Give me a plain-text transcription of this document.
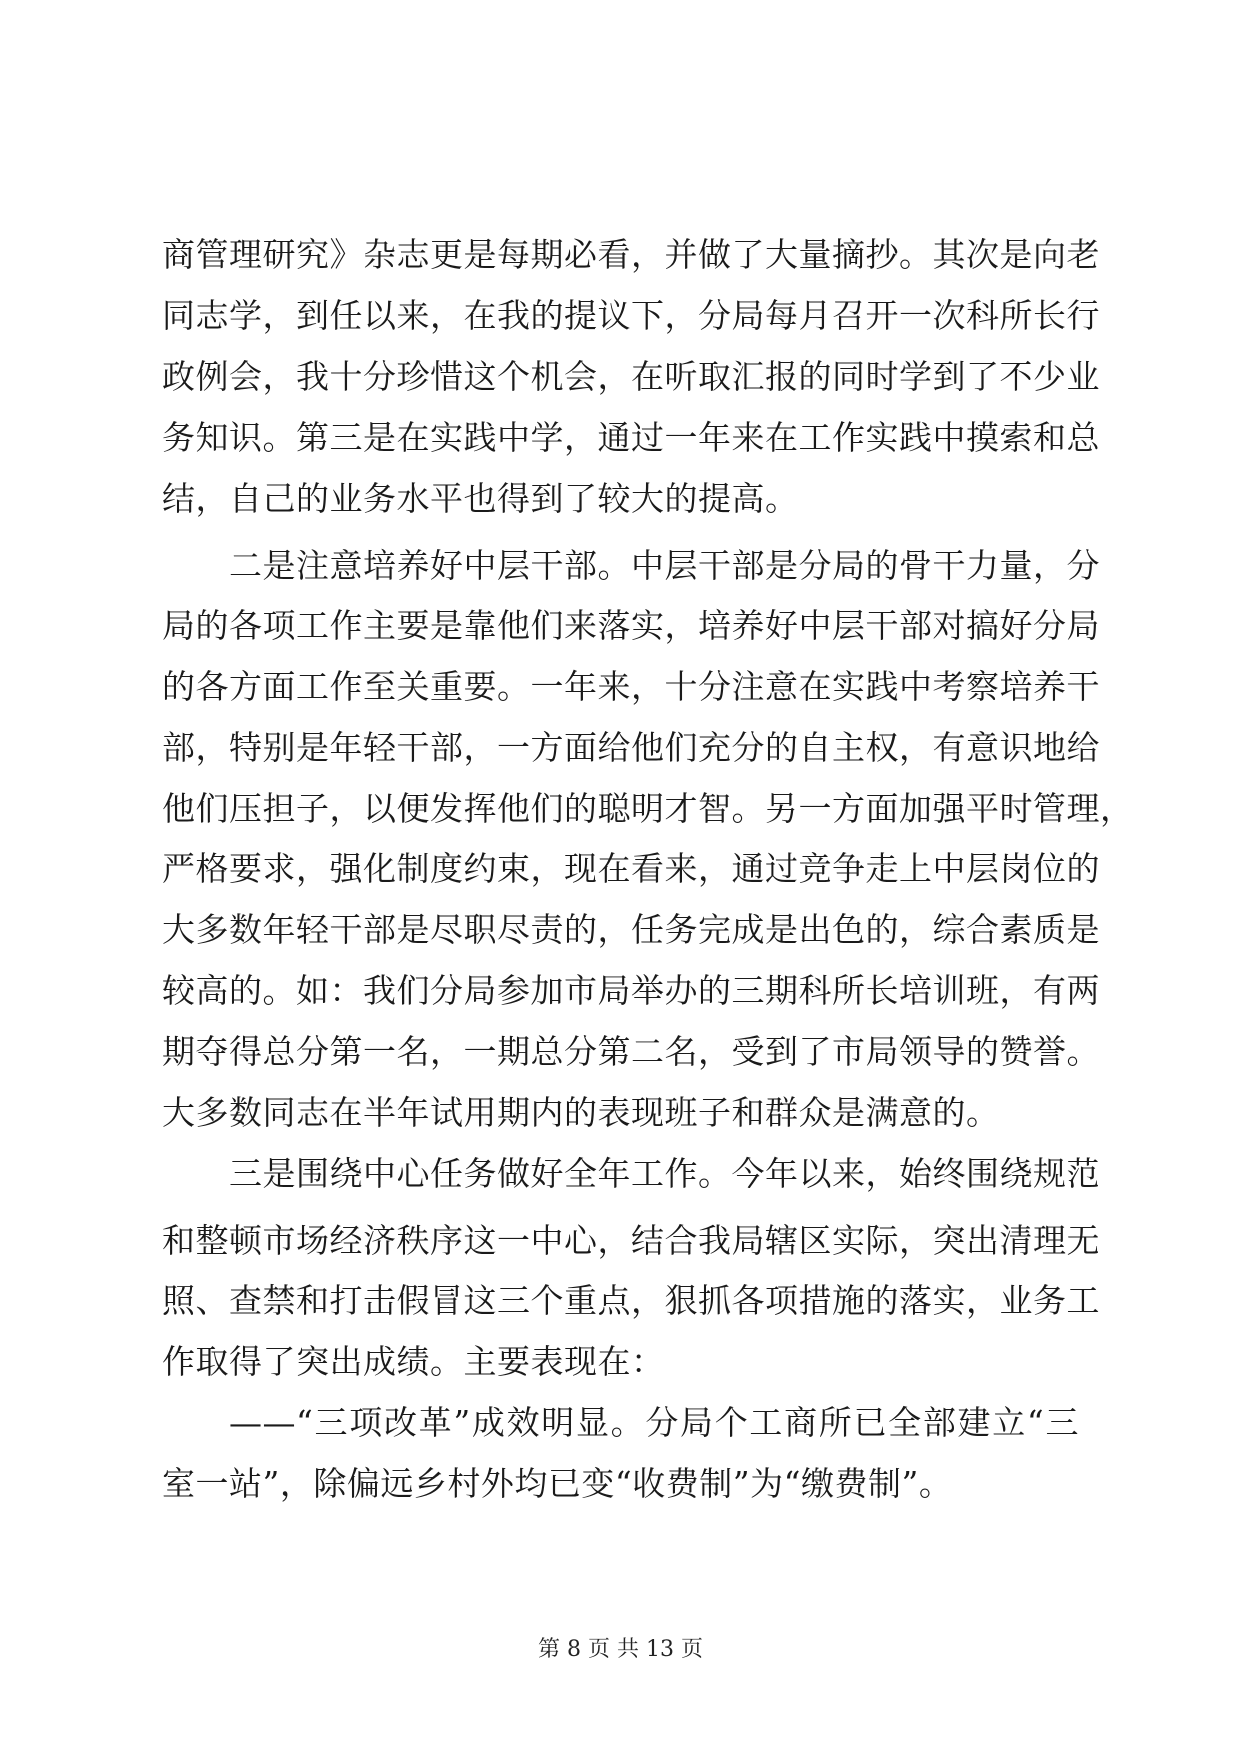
商管理研究》杂志更是每期必看，并做了大量摘抄。其次是向老
同志学，到任以来，在我的提议下，分局每月召开一次科所长行
政例会，我十分珍惜这个机会，在听取汇报的同时学到了不少业
务知识。第三是在实践中学，通过一年来在工作实践中摸索和总
结，自己的业务水平也得到了较大的提高。
二是注意培养好中层干部。中层干部是分局的骨干力量，分
局的各项工作主要是靠他们来落实，培养好中层干部对搞好分局
的各方面工作至关重要。一年来，十分注意在实践中考察培养干
部，特别是年轻干部，一方面给他们充分的自主权，有意识地给
他们压担子，以便发挥他们的聪明才智。另一方面加强平时管理，
严格要求，强化制度约束，现在看来，通过竞争走上中层岗位的
大多数年轻干部是尽职尽责的，任务完成是出色的，综合素质是
较高的。如：我们分局参加市局举办的三期科所长培训班，有两
期夺得总分第一名，一期总分第二名，受到了市局领导的赞誉。
大多数同志在半年试用期内的表现班子和群众是满意的。
三是围绕中心任务做好全年工作。今年以来，始终围绕规范
和整顿市场经济秩序这一中心，结合我局辖区实际，突出清理无
照、查禁和打击假冒这三个重点，狠抓各项措施的落实，业务工
作取得了突出成绩。主要表现在：
——“三项改革”成效明显。分局个工商所已全部建立“三
室一站”，除偏远乡村外均已变“收费制”为“缴费制”。
第 8 页 共 13 页
